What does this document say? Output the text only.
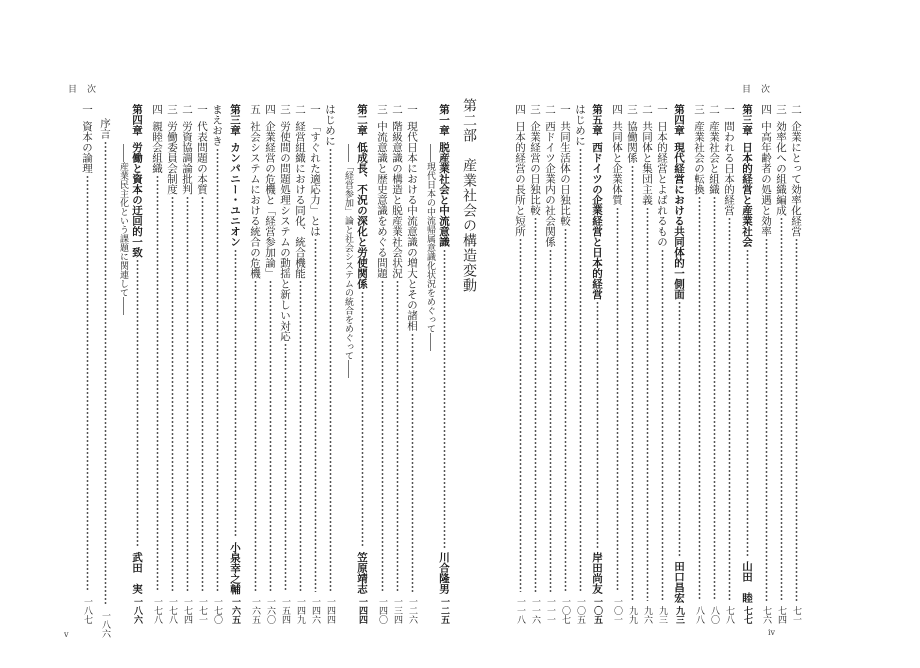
目次
目次
二
企業にとって効率化経営
七一
三
効率化への組織編成
七四
四
中高年齢者の処遇と効率
七六
第三章
日本的経営と産業社会
山田　睦
七七
一
問われる日本的経営
七八
二
産業社会と組織
八〇
三
産業社会の転換
八八
第四章
現代経営における共同体的一側面
田口昌宏
九三
一
日本的経営とよばれるもの
九三
二
共同体と集団主義
九六
三
協働関係
九九
四
共同体と企業体質
一〇一
第五章
西ドイツの企業経営と日本的経営
岸田尚友
一〇五
はじめに
一〇五
一
共同生活体の日独比較
一〇七
二
西ドイツ企業内の社会関係
一一一
三
企業経営の日独比較
一一六
四
日本的経営の長所と短所
一一八
第二部　産業社会の構造変動
第一章
脱産業社会と中流意識
川合隆男
一二五
――現代日本の中流帰属意識化状況をめぐって――
一
現代日本における中流意識の増大とその諸相
一二六
二
階級意識の構造と脱産業社会状況
一三四
三
中流意識と歴史意識をめぐる問題
一四〇
第二章
低成長、不況の深化と労使関係
笠原靖志
一四四
――「経営参加」論と社会システムの統合をめぐって――
はじめに
一四四
一
「すぐれた適応力」とは
一四六
二
経営組織における同化、統合機能
一四九
三
労使間の問題処理システムの動揺と新しい対応
一五四
四
企業経営の危機と「経営参加論」
一六〇
五
社会システムにおける統合の危機
一六五
第三章
カンパニー・ユニオン
小泉幸之輔
一六五
まえおき
一七〇
一
代表問題の本質
一七一
二
労資協調論批判
一七四
三
労働委員会制度
一七八
四
親睦会組織
一七八
第四章
労働と資本の迂回的一致
武田　実
一八六
――産業民主化という課題に関連して――
序言
一八六
一
資本の論理
一八七
iv
v
